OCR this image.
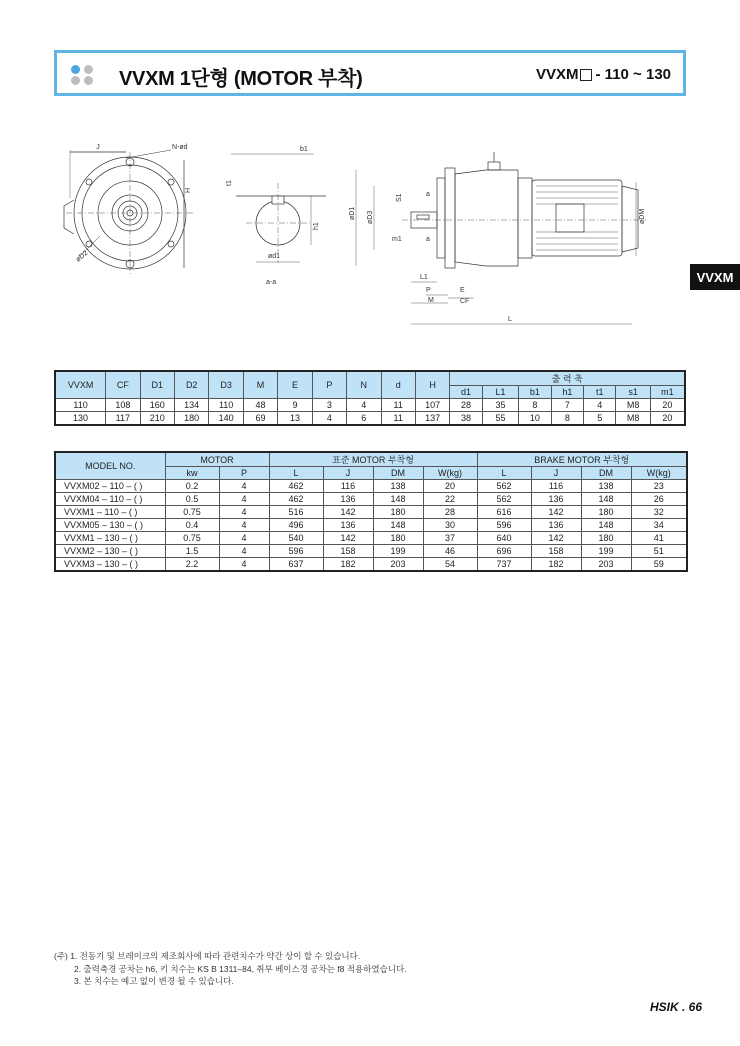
VVXM 1단형 (MOTOR 부착)	VVXM - 110 ~ 130
VVXM
J	N-ød
H
øD2
b1
t1
h1
ød1
a-a
øD1 øD3
S1	a
m1	a
øDM
L1
P	E
M	CF
L
VVXM	CF	D1	D2	D3	M	E	P	N	d	H	출 력 축						
											d1	L1	b1	h1	t1	s1	m1
110	108	160	134	110	48	9	3	4	11	107	28	35	8	7	4	M8	20
130	117	210	180	140	69	13	4	6	11	137	38	55	10	8	5	M8	20
MODEL NO.	MOTOR		표준 MOTOR 부착형				BRAKE MOTOR 부착형			
	kw	P	L	J	DM	W(kg)	L	J	DM	W(kg)
VVXM02 – 110 – ( )	0.2	4	462	116	138	20	562	116	138	23
VVXM04 – 110 – ( )	0.5	4	462	136	148	22	562	136	148	26
VVXM1 – 110 – ( )	0.75	4	516	142	180	28	616	142	180	32
VVXM05 – 130 – ( )	0.4	4	496	136	148	30	596	136	148	34
VVXM1 – 130 – ( )	0.75	4	540	142	180	37	640	142	180	41
VVXM2 – 130 – ( )	1.5	4	596	158	199	46	696	158	199	51
VVXM3 – 130 – ( )	2.2	4	637	182	203	54	737	182	203	59
(주) 1. 전동기 및 브레이크의 제조회사에 따라 관련치수가 약간 상이 할 수 있습니다.
2. 출력축경 공차는 h6, 키 치수는 KS B 1311–84, 취부 베이스경 공차는 f8 적용하였습니다.
3. 본 치수는 예고 없이 변경 될 수 있습니다.
HSIK . 66
